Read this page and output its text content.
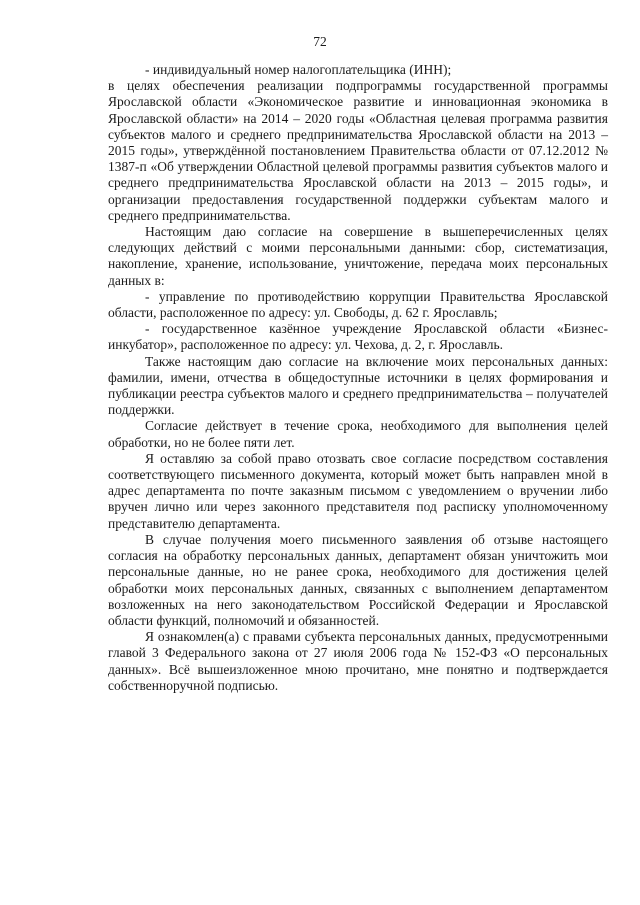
72

- индивидуальный номер налогоплательщика (ИНН);

в целях обеспечения реализации подпрограммы государственной программы Ярославской области «Экономическое развитие и инновационная экономика в Ярославской области» на 2014 – 2020 годы «Областная целевая программа развития субъектов малого и среднего предпринимательства Ярославской области на 2013 – 2015 годы», утверждённой постановлением Правительства области от 07.12.2012 № 1387-п «Об утверждении Областной целевой программы развития субъектов малого и среднего предпринимательства Ярославской области на 2013 – 2015 годы», и организации предоставления государственной поддержки субъектам малого и среднего предпринимательства.

Настоящим даю согласие на совершение в вышеперечисленных целях следующих действий с моими персональными данными: сбор, систематизация, накопление, хранение, использование, уничтожение, передача моих персональных данных в:

- управление по противодействию коррупции Правительства Ярославской области, расположенное по адресу: ул. Свободы, д. 62 г. Ярославль;

- государственное казённое учреждение Ярославской области «Бизнес-инкубатор», расположенное по адресу: ул. Чехова, д. 2, г. Ярославль.

Также настоящим даю согласие на включение моих персональных данных: фамилии, имени, отчества в общедоступные источники в целях формирования и публикации реестра субъектов малого и среднего предпринимательства – получателей поддержки.

Согласие действует в течение срока, необходимого для выполнения целей обработки, но не более пяти лет.

Я оставляю за собой право отозвать свое согласие посредством составления соответствующего письменного документа, который может быть направлен мной в адрес департамента по почте заказным письмом с уведомлением о вручении либо вручен лично или через законного представителя под расписку уполномоченному представителю департамента.

В случае получения моего письменного заявления об отзыве настоящего согласия на обработку персональных данных, департамент обязан уничтожить мои персональные данные, но не ранее срока, необходимого для достижения целей обработки моих персональных данных, связанных с выполнением департаментом возложенных на него законодательством Российской Федерации и Ярославской области функций, полномочий и обязанностей.

Я ознакомлен(а) с правами субъекта персональных данных, предусмотренными главой 3 Федерального закона от 27 июля 2006 года № 152-ФЗ «О персональных данных». Всё вышеизложенное мною прочитано, мне понятно и подтверждается собственноручной подписью.
